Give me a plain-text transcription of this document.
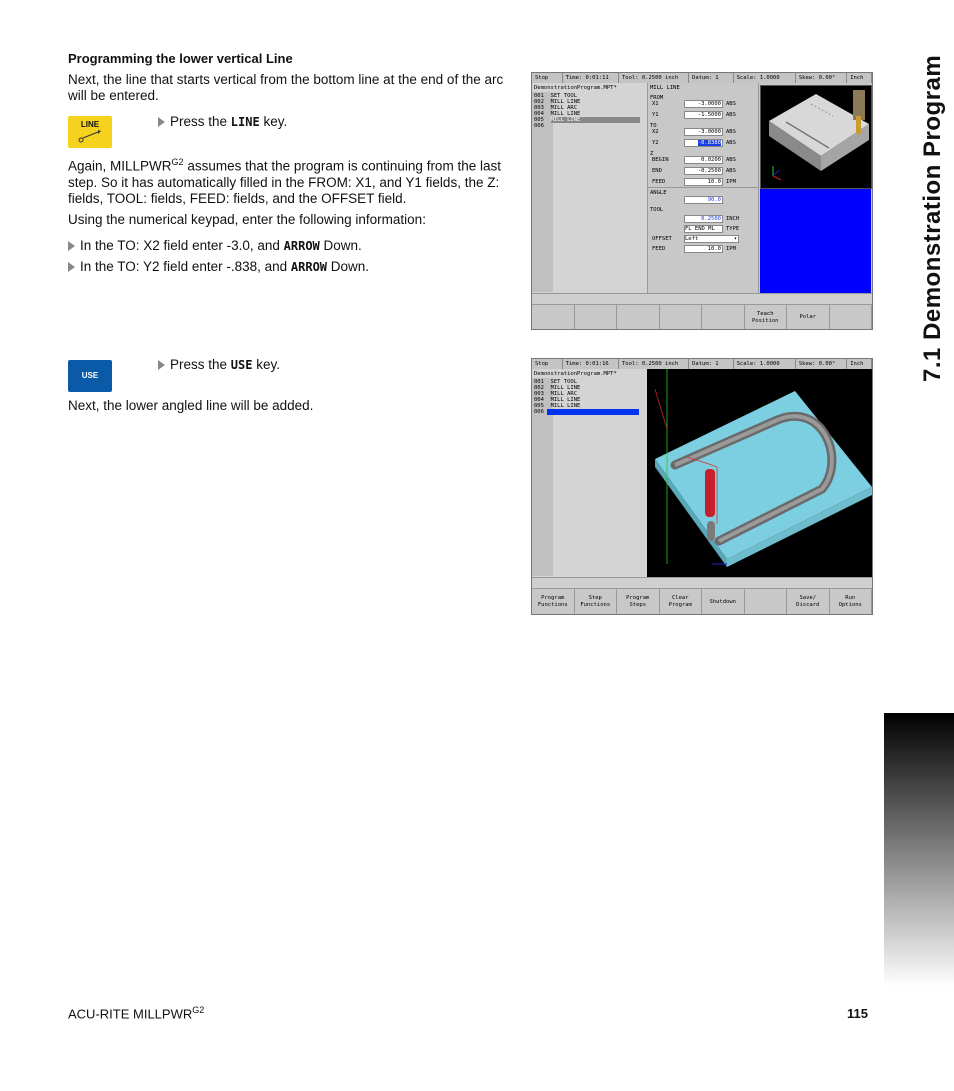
Programming the lower vertical Line
Next, the line that starts vertical from the bottom line at the end of the arc will be entered.
LINE	Press the LINE key.
Again, $MILLPWR^{G2}$ assumes that the program is continuing from the last step. So it has automatically filled in the FROM: X1, and Y1 fields, the Z: fields, TOOL: fields, FEED: fields, and the OFFSET field.
Using the numerical keypad, enter the following information:
In the TO: X2 field enter -3.0, and ARROW Down.
In the TO: Y2 field enter -.838, and ARROW Down.
USE
Press the USE key.
Next, the lower angled line will be added.
Stop	Time: 0:01:11	Tool: 0.2500 inch	Datum: 1	Scale: 1.0000	Skew: 0.00°	Inch
DemonstrationProgram.MPT*
001 SET TOOL
002 MILL LINE
003 MILL ARC
004 MILL LINE
005 MILL LINE
006
MILL LINE
FROM
X1	-3.0000 ABS
Y1	-1.5000 ABS
TO
X2	-3.0000 ABS
Y2	-0.8380 ABS
Z
BEGIN	0.0200 ABS
END	-0.2500 ABS
FEED	10.0 IPM
ANGLE
90.0
TOOL
0.2500 INCH
FL END ML	TYPE
OFFSET Left	▾
FEED	10.0 IPM
Teach
Position
Polar
Stop	Time: 0:01:16	Tool: 0.2500 inch	Datum: 1	Scale: 1.0000	Skew: 0.00°	Inch
DemonstrationProgram.MPT*
001 SET TOOL
002 MILL LINE
003 MILL ARC
004 MILL LINE
005 MILL LINE
006
Program
Functions
Step
Functions
Program
Steps
Clear
Program
Shutdown
Save/
Discard
Run
Options
7.1 Demonstration Program
ACU-RITE $MILLPWR^{G2}$	115
